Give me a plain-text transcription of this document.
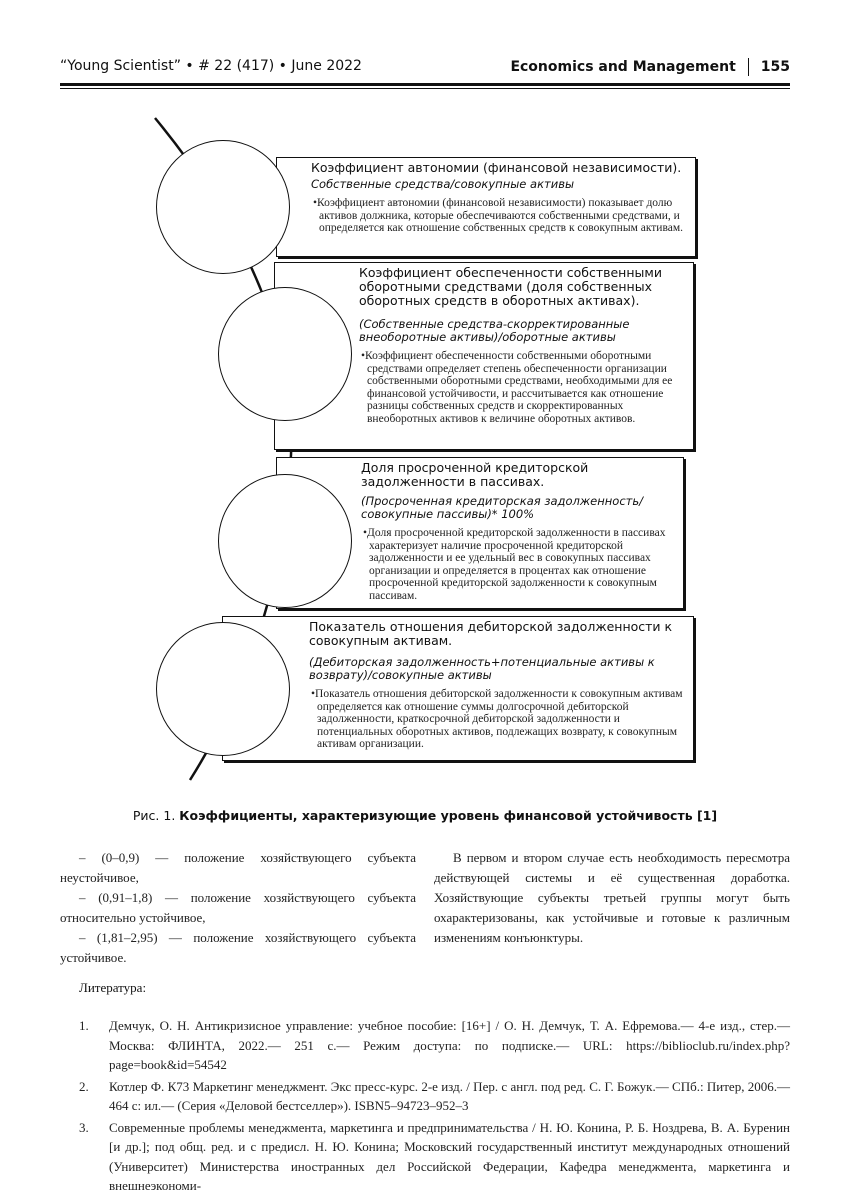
“Young Scientist” • # 22 (417) • June 2022	Economics and Management 155
Коэффициент автономии (финансовой независимости).
Собственные средства/совокупные активы
•Коэффициент автономии (финансовой независимости) показывает долю активов должника, которые обеспечиваются собственными средствами, и определяется как отношение собственных средств к совокупным активам.
Коэффициент обеспеченности собственными оборотными средствами (доля собственных оборотных средств в оборотных активах).
(Собственные средства-скорректированные внеоборотные активы)/оборотные активы
•Коэффициент обеспеченности собственными оборотными средствами определяет степень обеспеченности организации собственными оборотными средствами, необходимыми для ее финансовой устойчивости, и рассчитывается как отношение разницы собственных средств и скорректированных внеоборотных активов к величине оборотных активов.
Доля просроченной кредиторской задолженности в пассивах.
(Просроченная кредиторская задолженность/совокупные пассивы)* 100%
•Доля просроченной кредиторской задолженности в пассивах характеризует наличие просроченной кредиторской задолженности и ее удельный вес в совокупных пассивах организации и определяется в процентах как отношение просроченной кредиторской задолженности к совокупным пассивам.
Показатель отношения дебиторской задолженности к совокупным активам.
(Дебиторская задолженность+потенциальные активы к возврату)/совокупные активы
•Показатель отношения дебиторской задолженности к совокупным активам определяется как отношение суммы долгосрочной дебиторской задолженности, краткосрочной дебиторской задолженности и потенциальных оборотных активов, подлежащих возврату, к совокупным активам организации.
Рис. 1. Коэффициенты, характеризующие уровень финансовой устойчивость [1]

– (0–0,9) — положение хозяйствующего субъекта неустойчивое,

– (0,91–1,8) — положение хозяйствующего субъекта относительно устойчивое,

– (1,81–2,95) — положение хозяйствующего субъекта устойчивое.

В первом и втором случае есть необходимость пересмотра действующей системы и её существенная доработка. Хозяйствующие субъекты третьей группы могут быть охарактеризованы, как устойчивые и готовые к различным изменениям конъюнктуры.

Литература:
1.	Демчук, О. Н. Антикризисное управление: учебное пособие: [16+] / О. Н. Демчук, Т. А. Ефремова.— 4-е изд., стер.— Москва: ФЛИНТА, 2022.— 251 с.— Режим доступа: по подписке.— URL: https://biblioclub.ru/index.php?page=book&id=54542
2.	Котлер Ф. К73 Маркетинг менеджмент. Экс пресс-курс. 2-е изд. / Пер. с англ. под ред. С. Г. Божук.— СПб.: Питер, 2006.— 464 с: ил.— (Серия «Деловой бестселлер»). ISBN5–94723–952–3
3.	Современные проблемы менеджмента, маркетинга и предпринимательства / Н. Ю. Конина, Р. Б. Ноздрева, В. А. Буренин [и др.]; под общ. ред. и с предисл. Н. Ю. Конина; Московский государственный институт международных отношений (Университет) Министерства иностранных дел Российской Федерации, Кафедра менеджмента, маркетинга и внешнеэкономи-
